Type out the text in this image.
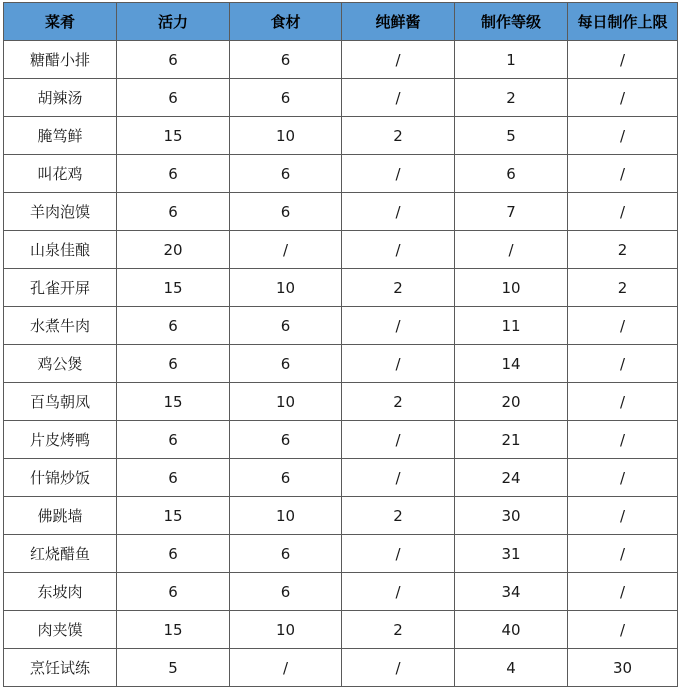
菜肴	活力	食材	纯鲜酱	制作等级	每日制作上限
糖醋小排	6	6	/	1	/
胡辣汤	6	6	/	2	/
腌笃鲜	15	10	2	5	/
叫花鸡	6	6	/	6	/
羊肉泡馍	6	6	/	7	/
山泉佳酿	20	/	/	/	2
孔雀开屏	15	10	2	10	2
水煮牛肉	6	6	/	11	/
鸡公煲	6	6	/	14	/
百鸟朝凤	15	10	2	20	/
片皮烤鸭	6	6	/	21	/
什锦炒饭	6	6	/	24	/
佛跳墙	15	10	2	30	/
红烧醋鱼	6	6	/	31	/
东坡肉	6	6	/	34	/
肉夹馍	15	10	2	40	/
烹饪试练	5	/	/	4	30
